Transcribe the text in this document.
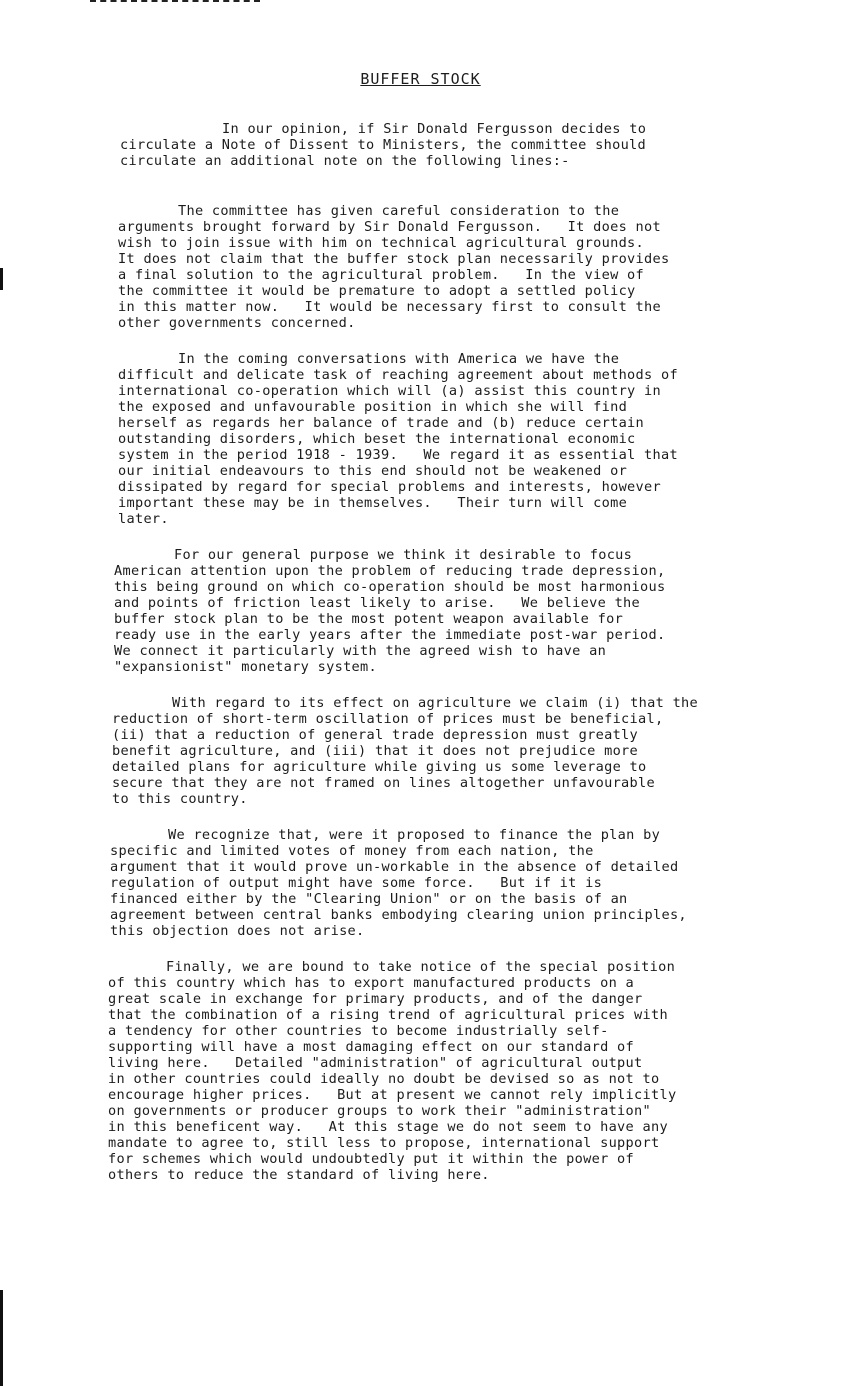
BUFFER STOCK
In our opinion, if Sir Donald Fergusson decides to
circulate a Note of Dissent to Ministers, the committee should
circulate an additional note on the following lines:-
The committee has given careful consideration to the
arguments brought forward by Sir Donald Fergusson.   It does not
wish to join issue with him on technical agricultural grounds.
It does not claim that the buffer stock plan necessarily provides
a final solution to the agricultural problem.   In the view of
the committee it would be premature to adopt a settled policy
in this matter now.   It would be necessary first to consult the
other governments concerned.
In the coming conversations with America we have the
difficult and delicate task of reaching agreement about methods of
international co-operation which will (a) assist this country in
the exposed and unfavourable position in which she will find
herself as regards her balance of trade and (b) reduce certain
outstanding disorders, which beset the international economic
system in the period 1918 - 1939.   We regard it as essential that
our initial endeavours to this end should not be weakened or
dissipated by regard for special problems and interests, however
important these may be in themselves.   Their turn will come
later.
For our general purpose we think it desirable to focus
American attention upon the problem of reducing trade depression,
this being ground on which co-operation should be most harmonious
and points of friction least likely to arise.   We believe the
buffer stock plan to be the most potent weapon available for
ready use in the early years after the immediate post-war period.
We connect it particularly with the agreed wish to have an
"expansionist" monetary system.
With regard to its effect on agriculture we claim (i) that the
reduction of short-term oscillation of prices must be beneficial,
(ii) that a reduction of general trade depression must greatly
benefit agriculture, and (iii) that it does not prejudice more
detailed plans for agriculture while giving us some leverage to
secure that they are not framed on lines altogether unfavourable
to this country.
We recognize that, were it proposed to finance the plan by
specific and limited votes of money from each nation, the
argument that it would prove un-workable in the absence of detailed
regulation of output might have some force.   But if it is
financed either by the "Clearing Union" or on the basis of an
agreement between central banks embodying clearing union principles,
this objection does not arise.
Finally, we are bound to take notice of the special position
of this country which has to export manufactured products on a
great scale in exchange for primary products, and of the danger
that the combination of a rising trend of agricultural prices with
a tendency for other countries to become industrially self-
supporting will have a most damaging effect on our standard of
living here.   Detailed "administration" of agricultural output
in other countries could ideally no doubt be devised so as not to
encourage higher prices.   But at present we cannot rely implicitly
on governments or producer groups to work their "administration"
in this beneficent way.   At this stage we do not seem to have any
mandate to agree to, still less to propose, international support
for schemes which would undoubtedly put it within the power of
others to reduce the standard of living here.
